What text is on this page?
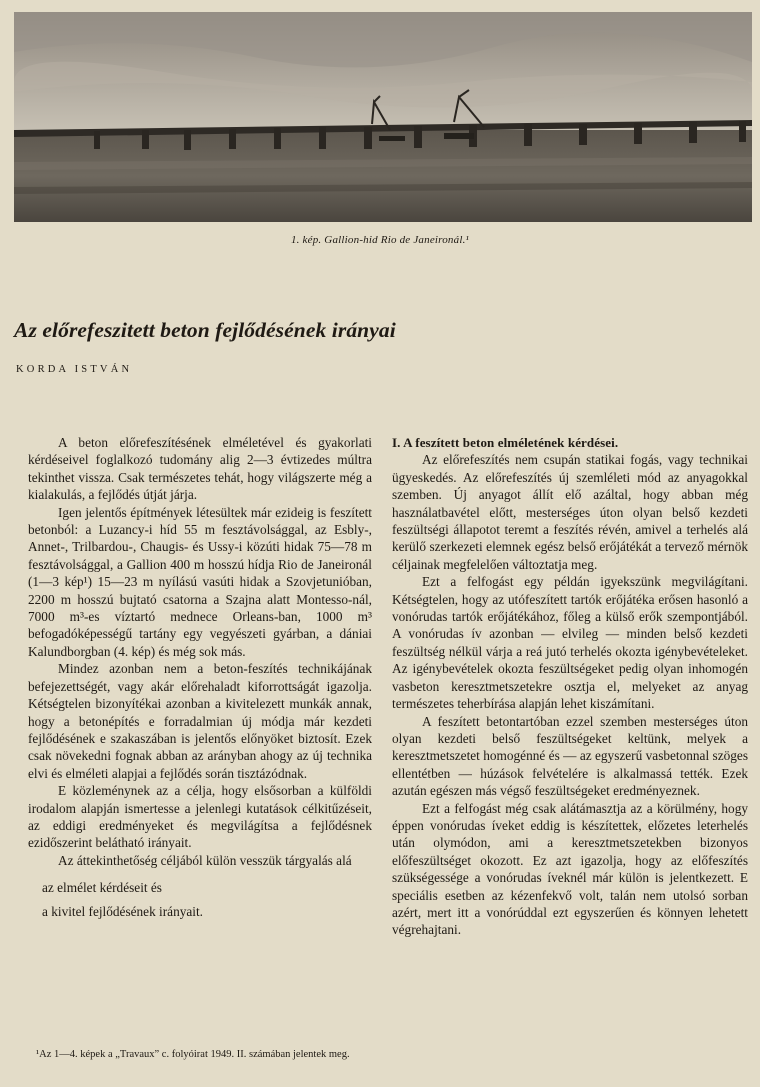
1. kép. Gallion-hid Rio de Janeironál.¹
Az előrefeszitett beton fejlődésének irányai
KORDA ISTVÁN

A beton előrefeszítésének elméletével és gyakorlati kérdéseivel foglalkozó tudomány alig 2—3 évtizedes múltra tekinthet vissza. Csak természetes tehát, hogy világszerte még a kialakulás, a fejlődés útját járja.

Igen jelentős építmények létesültek már ezideig is feszített betonból: a Luzancy-i híd 55 m fesztávolsággal, az Esbly-, Annet-, Trilbardou-, Chaugis- és Ussy-i közúti hidak 75—78 m fesztávolsággal, a Gallion 400 m hosszú hídja Rio de Janeironál (1—3 kép¹) 15—23 m nyílású vasúti hidak a Szovjetunióban, 2200 m hosszú bujtató csatorna a Szajna alatt Montesso-nál, 7000 m³-es víztartó mednece Orleans-ban, 1000 m³ befogadóképességű tartány egy vegyészeti gyárban, a dániai Kalundborgban (4. kép) és még sok más.

Mindez azonban nem a beton-feszítés technikájának befejezettségét, vagy akár előrehaladt kiforrottságát igazolja. Kétségtelen bizonyítékai azonban a kivitelezett munkák annak, hogy a betonépítés e forradalmian új módja már kezdeti fejlődésének e szakaszában is jelentős előnyöket biztosít. Ezek csak növekedni fognak abban az arányban ahogy az új technika elvi és elméleti alapjai a fejlődés során tisztázódnak.

E közleménynek az a célja, hogy elsősorban a külföldi irodalom alapján ismertesse a jelenlegi kutatások célkitűzéseit, az eddigi eredményeket és megvilágítsa a fejlődésnek ezidőszerint belátható irányait.

Az áttekinthetőség céljából külön vesszük tárgyalás alá

az elmélet kérdéseit és

a kivitel fejlődésének irányait.

I. A feszített beton elméletének kérdései.

Az előrefeszítés nem csupán statikai fogás, vagy technikai ügyeskedés. Az előrefeszítés új szemléleti mód az anyagokkal szemben. Új anyagot állít elő azáltal, hogy abban még használatbavétel előtt, mesterséges úton olyan belső kezdeti feszültségi állapotot teremt a feszítés révén, amivel a terhelés alá kerülő szerkezeti elemnek egész belső erőjátékát a tervező mérnök céljainak megfelelően változtatja meg.

Ezt a felfogást egy példán igyekszünk megvilágítani. Kétségtelen, hogy az utófeszített tartók erőjátéka erősen hasonló a vonórudas tartók erőjátékához, főleg a külső erők szempontjából. A vonórudas ív azonban — elvileg — minden belső kezdeti feszültség nélkül várja a reá jutó terhelés okozta igénybevételeket. Az igénybevételek okozta feszültségeket pedig olyan inhomogén vasbeton keresztmetszetekre osztja el, melyeket az anyag természetes teherbírása alapján lehet kiszámítani.

A feszített betontartóban ezzel szemben mesterséges úton olyan kezdeti belső feszültségeket keltünk, melyek a keresztmetszetet homogénné és — az egyszerű vasbetonnal szöges ellentétben — húzások felvételére is alkalmassá tették. Ezek azután egészen más végső feszültségeket eredményeznek.

Ezt a felfogást még csak alátámasztja az a körülmény, hogy éppen vonórudas íveket eddig is készítettek, előzetes leterhelés után olymódon, ami a keresztmetszetekben bizonyos előfeszültséget okozott. Ez azt igazolja, hogy az előfeszítés szükségessége a vonórudas íveknél már külön is jelentkezett. E speciális esetben az kézenfekvő volt, talán nem utolsó sorban azért, mert itt a vonórúddal ezt egyszerűen és könnyen lehetett végrehajtani.

¹Az 1—4. képek a „Travaux” c. folyóirat 1949. II. számában jelentek meg.
